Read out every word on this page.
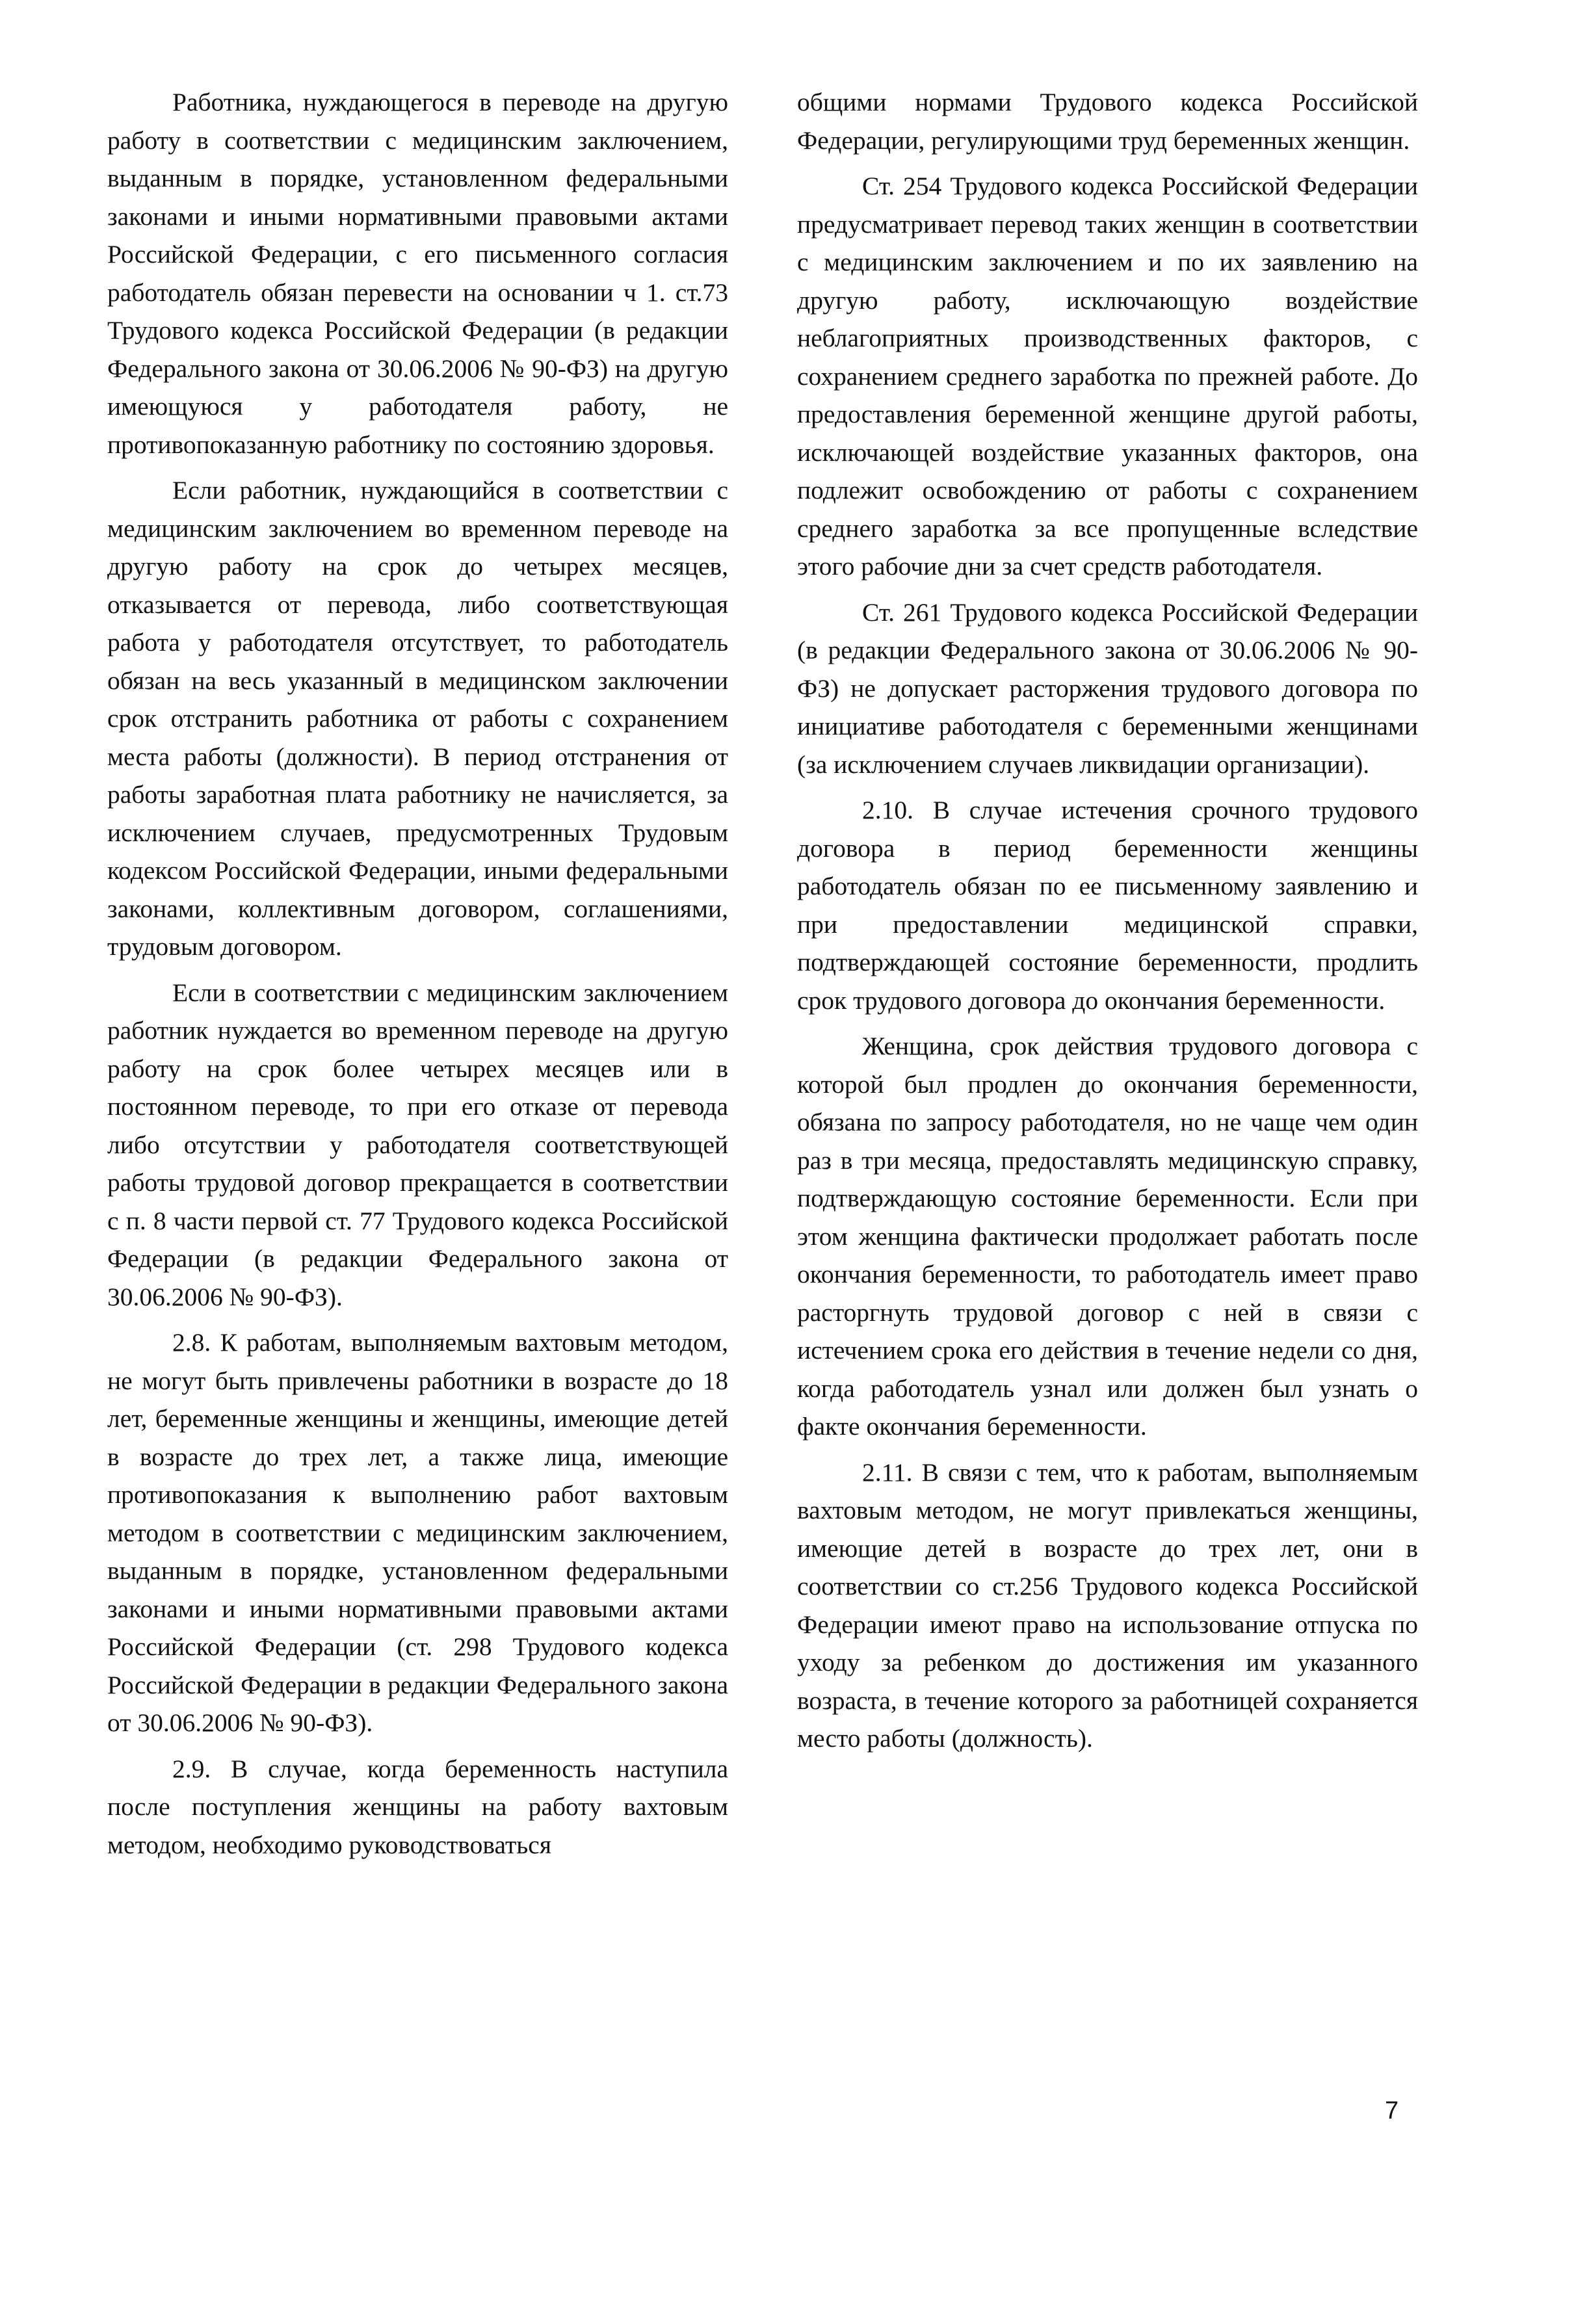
Работника, нуждающегося в переводе на другую работу в соответствии с медицинским заключением, выданным в порядке, установленном федеральными законами и иными нормативными правовыми актами Российской Федерации, с его письменного согласия работодатель обязан перевести на основании ч 1. ст.73 Трудового кодекса Российской Федерации (в редакции Федерального закона от 30.06.2006 № 90-ФЗ) на другую имеющуюся у работодателя работу, не противопоказанную работнику по состоянию здоровья.

Если работник, нуждающийся в соответствии с медицинским заключением во временном переводе на другую работу на срок до четырех месяцев, отказывается от перевода, либо соответствующая работа у работодателя отсутствует, то работодатель обязан на весь указанный в медицинском заключении срок отстранить работника от работы с сохранением места работы (должности). В период отстранения от работы заработная плата работнику не начисляется, за исключением случаев, предусмотренных Трудовым кодексом Российской Федерации, иными федеральными законами, коллективным договором, соглашениями, трудовым договором.

Если в соответствии с медицинским заключением работник нуждается во временном переводе на другую работу на срок более четырех месяцев или в постоянном переводе, то при его отказе от перевода либо отсутствии у работодателя соответствующей работы трудовой договор прекращается в соответствии с п. 8 части первой ст. 77 Трудового кодекса Российской Федерации (в редакции Федерального закона от 30.06.2006 № 90-ФЗ).

2.8. К работам, выполняемым вахтовым методом, не могут быть привлечены работники в возрасте до 18 лет, беременные женщины и женщины, имеющие детей в возрасте до трех лет, а также лица, имеющие противопоказания к выполнению работ вахтовым методом в соответствии с медицинским заключением, выданным в порядке, установленном федеральными законами и иными нормативными правовыми актами Российской Федерации (ст. 298 Трудового кодекса Российской Федерации в редакции Федерального закона от 30.06.2006 № 90-ФЗ).

2.9. В случае, когда беременность наступила после поступления женщины на работу вахтовым методом, необходимо руководствоваться

общими нормами Трудового кодекса Российской Федерации, регулирующими труд беременных женщин.

Ст. 254 Трудового кодекса Российской Федерации предусматривает перевод таких женщин в соответствии с медицинским заключением и по их заявлению на другую работу, исключающую воздействие неблагоприятных производственных факторов, с сохранением среднего заработка по прежней работе. До предоставления беременной женщине другой работы, исключающей воздействие указанных факторов, она подлежит освобождению от работы с сохранением среднего заработка за все пропущенные вследствие этого рабочие дни за счет средств работодателя.

Ст. 261 Трудового кодекса Российской Федерации (в редакции Федерального закона от 30.06.2006 № 90-ФЗ) не допускает расторжения трудового договора по инициативе работодателя с беременными женщинами (за исключением случаев ликвидации организации).

2.10. В случае истечения срочного трудового договора в период беременности женщины работодатель обязан по ее письменному заявлению и при предоставлении медицинской справки, подтверждающей состояние беременности, продлить срок трудового договора до окончания беременности.

Женщина, срок действия трудового договора с которой был продлен до окончания беременности, обязана по запросу работодателя, но не чаще чем один раз в три месяца, предоставлять медицинскую справку, подтверждающую состояние беременности. Если при этом женщина фактически продолжает работать после окончания беременности, то работодатель имеет право расторгнуть трудовой договор с ней в связи с истечением срока его действия в течение недели со дня, когда работодатель узнал или должен был узнать о факте окончания беременности.

2.11. В связи с тем, что к работам, выполняемым вахтовым методом, не могут привлекаться женщины, имеющие детей в возрасте до трех лет, они в соответствии со ст.256 Трудового кодекса Российской Федерации имеют право на использование отпуска по уходу за ребенком до достижения им указанного возраста, в течение которого за работницей сохраняется место работы (должность).

7
